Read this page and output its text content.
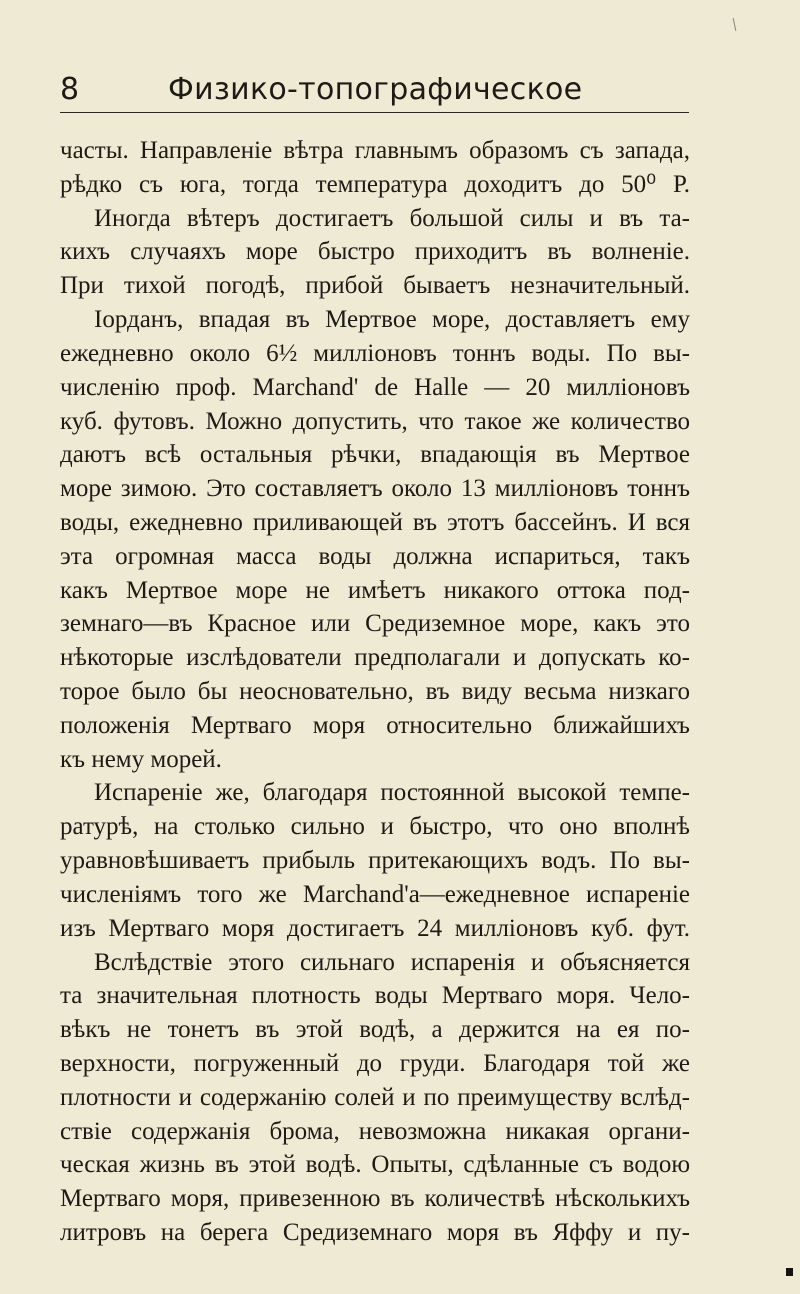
8	Физико-топографическое
часты. Направленіе вѣтра главнымъ образомъ съ запада,
рѣдко съ юга, тогда температура доходитъ до 50⁰ Р.
Иногда вѣтеръ достигаетъ большой силы и въ та-
кихъ случаяхъ море быстро приходитъ въ волненіе.
При тихой погодѣ, прибой бываетъ незначительный.
Іорданъ, впадая въ Мертвое море, доставляетъ ему
ежедневно около 6½ милліоновъ тоннъ воды. По вы-
численію проф. Marchand' de Halle — 20 милліоновъ
куб. футовъ. Можно допустить, что такое же количество
даютъ всѣ остальныя рѣчки, впадающія въ Мертвое
море зимою. Это составляетъ около 13 милліоновъ тоннъ
воды, ежедневно приливающей въ этотъ бассейнъ. И вся
эта огромная масса воды должна испариться, такъ
какъ Мертвое море не имѣетъ никакого оттока под-
земнаго—въ Красное или Средиземное море, какъ это
нѣкоторые изслѣдователи предполагали и допускать ко-
торое было бы неосновательно, въ виду весьма низкаго
положенія Мертваго моря относительно ближайшихъ
къ нему морей.
Испареніе же, благодаря постоянной высокой темпе-
ратурѣ, на столько сильно и быстро, что оно вполнѣ
уравновѣшиваетъ прибыль притекающихъ водъ. По вы-
численіямъ того же Marchand'а—ежедневное испареніе
изъ Мертваго моря достигаетъ 24 милліоновъ куб. фут.
Вслѣдствіе этого сильнаго испаренія и объясняется
та значительная плотность воды Мертваго моря. Чело-
вѣкъ не тонетъ въ этой водѣ, а держится на ея по-
верхности, погруженный до груди. Благодаря той же
плотности и содержанію солей и по преимуществу вслѣд-
ствіе содержанія брома, невозможна никакая органи-
ческая жизнь въ этой водѣ. Опыты, сдѣланные съ водою
Мертваго моря, привезенною въ количествѣ нѣсколькихъ
литровъ на берега Средиземнаго моря въ Яффу и пу-
